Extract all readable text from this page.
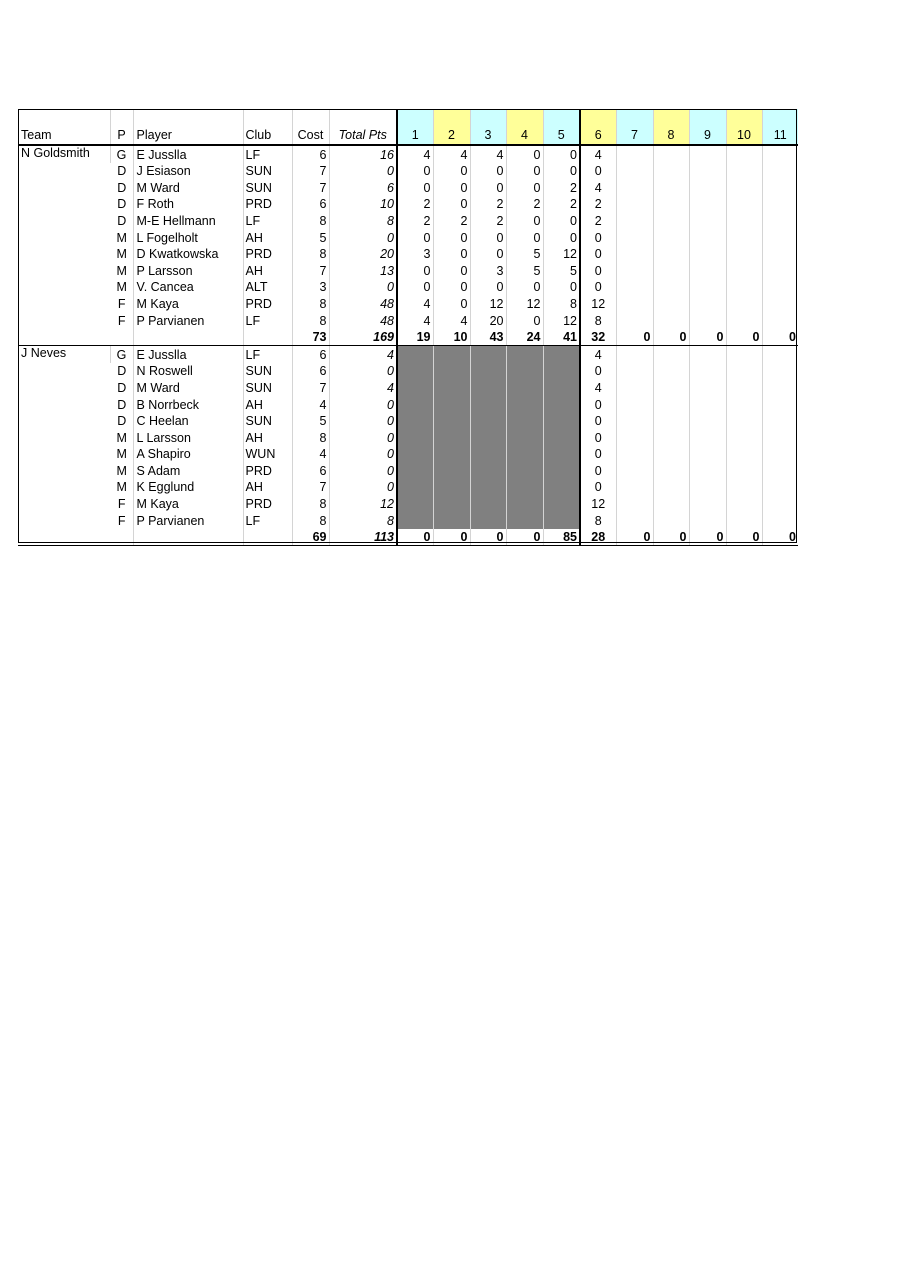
Team	P	Player	Club	Cost	Total Pts	1	2	3	4	5	6	7	8	9	10	11
N Goldsmith	G	E Jusslla	LF	6	16	4	4	4	0	0	4					
	D	J Esiason	SUN	7	0	0	0	0	0	0	0					
	D	M Ward	SUN	7	6	0	0	0	0	2	4					
	D	F Roth	PRD	6	10	2	0	2	2	2	2					
	D	M-E Hellmann	LF	8	8	2	2	2	0	0	2					
	M	L Fogelholt	AH	5	0	0	0	0	0	0	0					
	M	D Kwatkowska	PRD	8	20	3	0	0	5	12	0					
	M	P Larsson	AH	7	13	0	0	3	5	5	0					
	M	V. Cancea	ALT	3	0	0	0	0	0	0	0					
	F	M Kaya	PRD	8	48	4	0	12	12	8	12					
	F	P Parvianen	LF	8	48	4	4	20	0	12	8					
				73	169	19	10	43	24	41	32	0	0	0	0	0
J Neves	G	E Jusslla	LF	6	4						4					
	D	N Roswell	SUN	6	0						0					
	D	M Ward	SUN	7	4						4					
	D	B Norrbeck	AH	4	0						0					
	D	C Heelan	SUN	5	0						0					
	M	L Larsson	AH	8	0						0					
	M	A Shapiro	WUN	4	0						0					
	M	S Adam	PRD	6	0						0					
	M	K Egglund	AH	7	0						0					
	F	M Kaya	PRD	8	12						12					
	F	P Parvianen	LF	8	8						8					
				69	113	0	0	0	0	85	28	0	0	0	0	0
